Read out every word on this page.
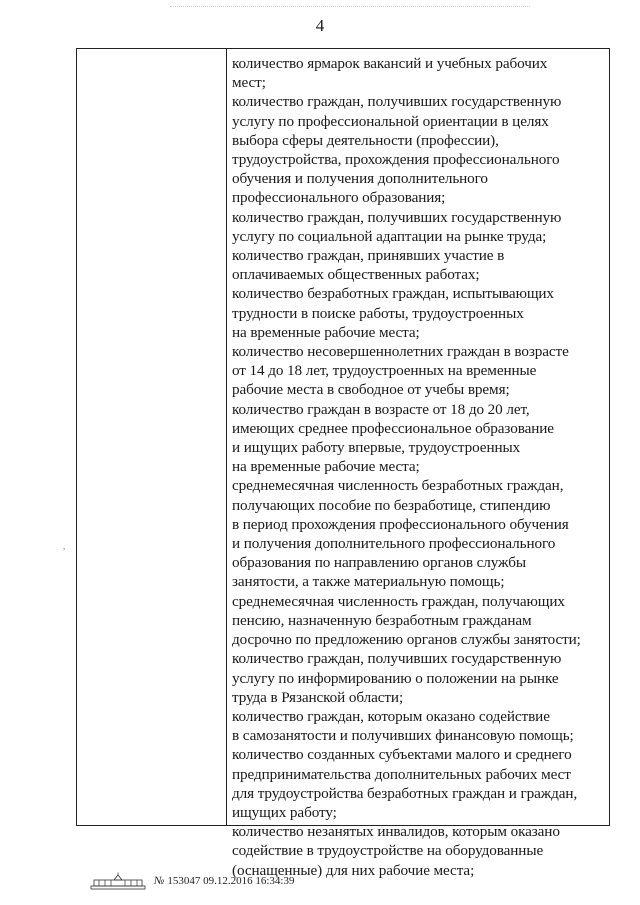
4
количество ярмарок вакансий и учебных рабочих
мест;
количество граждан, получивших государственную
услугу по профессиональной ориентации в целях
выбора сферы деятельности (профессии),
трудоустройства, прохождения профессионального
обучения и получения дополнительного
профессионального образования;
количество граждан, получивших государственную
услугу по социальной адаптации на рынке труда;
количество граждан, принявших участие в
оплачиваемых общественных работах;
количество безработных граждан, испытывающих
трудности в поиске работы, трудоустроенных
на временные рабочие места;
количество несовершеннолетних граждан в возрасте
от 14 до 18 лет, трудоустроенных на временные
рабочие места в свободное от учебы время;
количество граждан в возрасте от 18 до 20 лет,
имеющих среднее профессиональное образование
и ищущих работу впервые, трудоустроенных
на временные рабочие места;
среднемесячная численность безработных граждан,
получающих пособие по безработице, стипендию
в период прохождения профессионального обучения
и получения дополнительного профессионального
образования по направлению органов службы
занятости, а также материальную помощь;
среднемесячная численность граждан, получающих
пенсию, назначенную безработным гражданам
досрочно по предложению органов службы занятости;
количество граждан, получивших государственную
услугу по информированию о положении на рынке
труда в Рязанской области;
количество граждан, которым оказано содействие
в самозанятости и получивших финансовую помощь;
количество созданных субъектами малого и среднего
предпринимательства дополнительных рабочих мест
для трудоустройства безработных граждан и граждан,
ищущих работу;
количество незанятых инвалидов, которым оказано
содействие в трудоустройстве на оборудованные
(оснащенные) для них рабочие места;
,
№ 153047 09.12.2016 16:34:39
